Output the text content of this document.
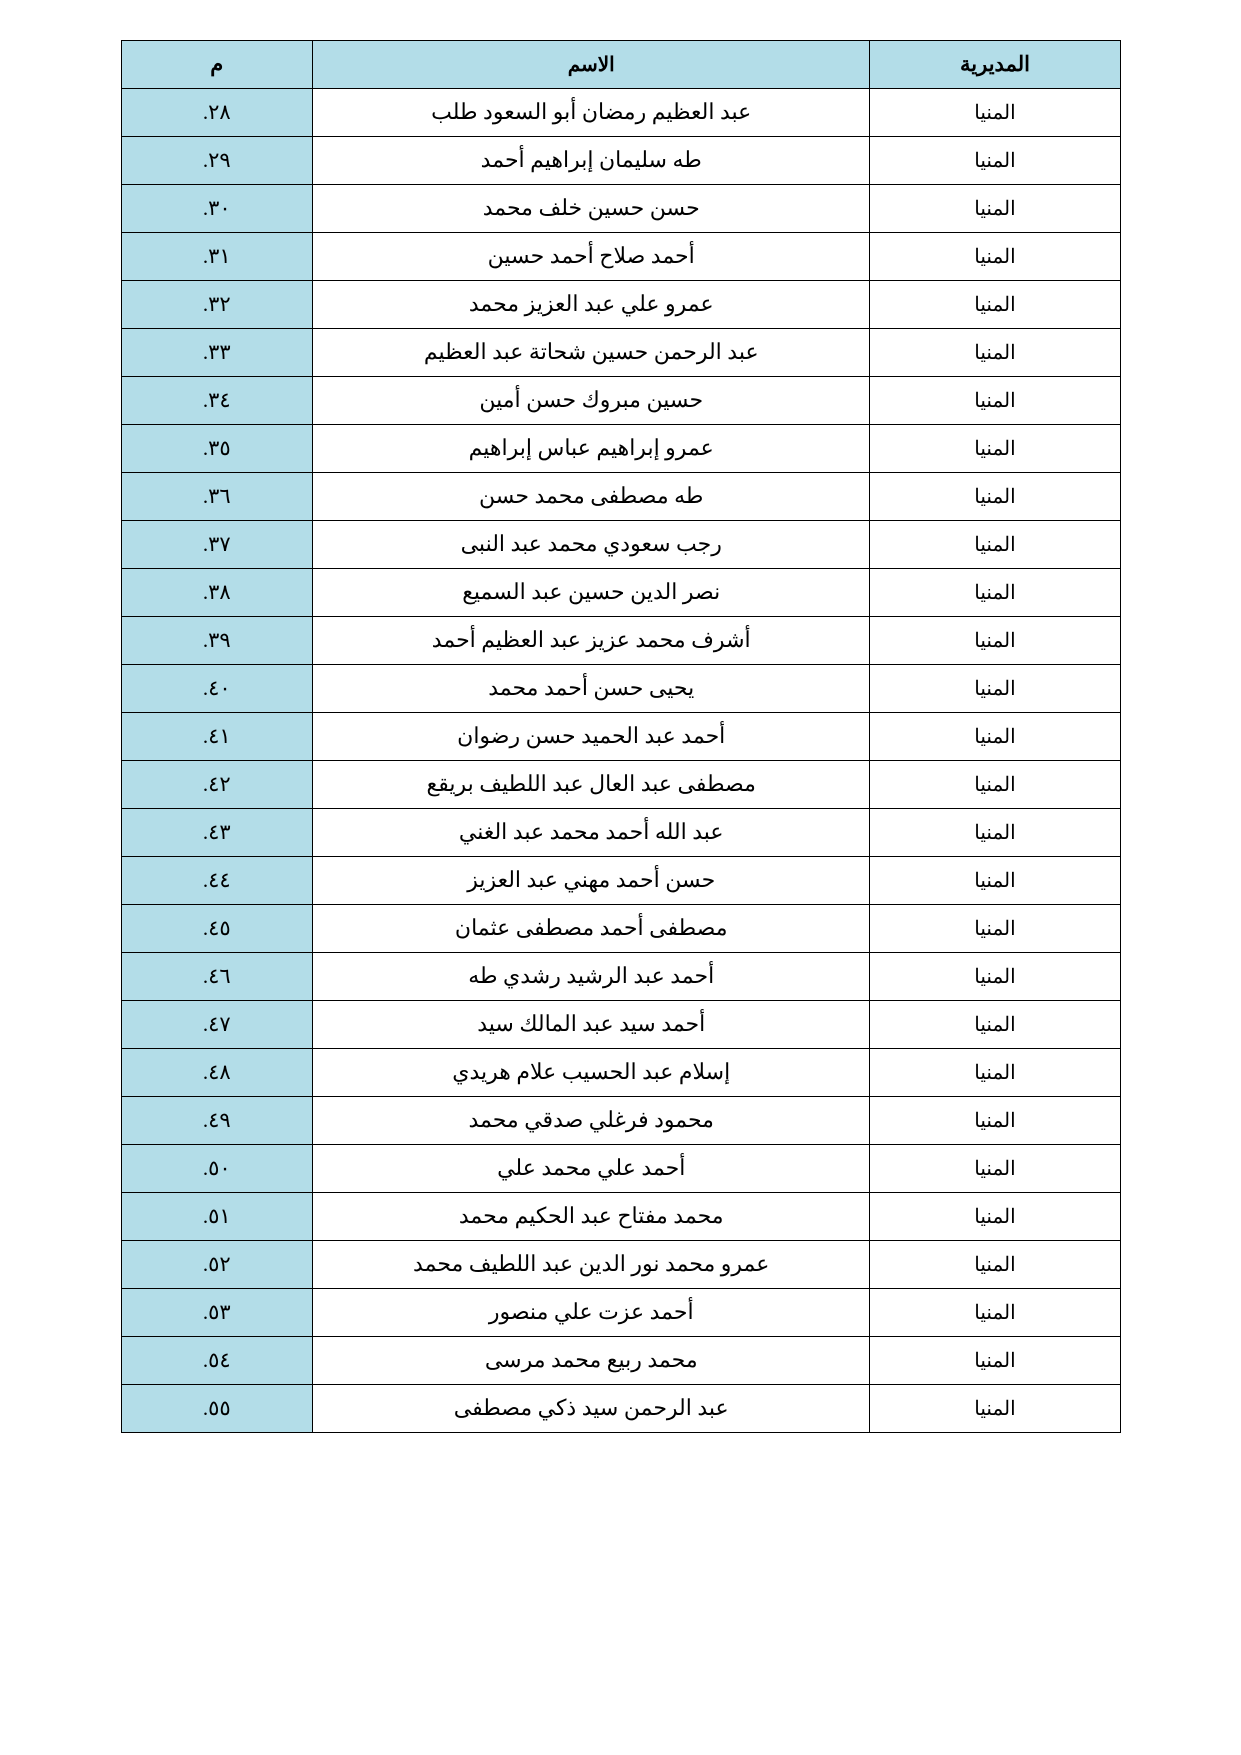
المديرية	الاسم	م
المنيا	عبد العظيم رمضان أبو السعود طلب	٢٨.
المنيا	طه سليمان إبراهيم أحمد	٢٩.
المنيا	حسن حسين خلف محمد	٣٠.
المنيا	أحمد صلاح أحمد حسين	٣١.
المنيا	عمرو علي عبد العزيز محمد	٣٢.
المنيا	عبد الرحمن حسين شحاتة عبد العظيم	٣٣.
المنيا	حسين مبروك حسن أمين	٣٤.
المنيا	عمرو إبراهيم عباس إبراهيم	٣٥.
المنيا	طه مصطفى محمد حسن	٣٦.
المنيا	رجب سعودي محمد عبد النبى	٣٧.
المنيا	نصر الدين حسين عبد السميع	٣٨.
المنيا	أشرف محمد عزيز عبد العظيم أحمد	٣٩.
المنيا	يحيى حسن أحمد محمد	٤٠.
المنيا	أحمد عبد الحميد حسن رضوان	٤١.
المنيا	مصطفى عبد العال عبد اللطيف بريقع	٤٢.
المنيا	عبد الله أحمد محمد عبد الغني	٤٣.
المنيا	حسن أحمد مهني عبد العزيز	٤٤.
المنيا	مصطفى أحمد مصطفى عثمان	٤٥.
المنيا	أحمد عبد الرشيد رشدي طه	٤٦.
المنيا	أحمد سيد عبد المالك سيد	٤٧.
المنيا	إسلام عبد الحسيب علام هريدي	٤٨.
المنيا	محمود فرغلي صدقي محمد	٤٩.
المنيا	أحمد علي محمد علي	٥٠.
المنيا	محمد مفتاح عبد الحكيم محمد	٥١.
المنيا	عمرو محمد نور الدين عبد اللطيف محمد	٥٢.
المنيا	أحمد عزت علي منصور	٥٣.
المنيا	محمد ربيع محمد مرسى	٥٤.
المنيا	عبد الرحمن سيد ذكي مصطفى	٥٥.
